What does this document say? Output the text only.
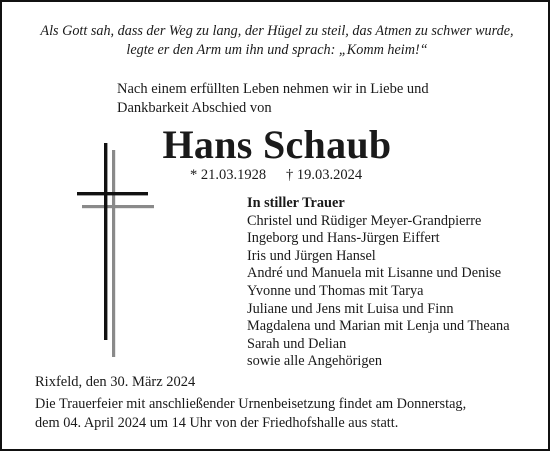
Als Gott sah, dass der Weg zu lang, der Hügel zu steil, das Atmen zu schwer wurde,
legte er den Arm um ihn und sprach: „Komm heim!“
Nach einem erfüllten Leben nehmen wir in Liebe und
Dankbarkeit Abschied von
Hans Schaub
* 21.03.1928 † 19.03.2024
In stiller Trauer
Christel und Rüdiger Meyer-Grandpierre
Ingeborg und Hans-Jürgen Eiffert
Iris und Jürgen Hansel
André und Manuela mit Lisanne und Denise
Yvonne und Thomas mit Tarya
Juliane und Jens mit Luisa und Finn
Magdalena und Marian mit Lenja und Theana
Sarah und Delian
sowie alle Angehörigen
Rixfeld, den 30. März 2024
Die Trauerfeier mit anschließender Urnenbeisetzung findet am Donnerstag,
dem 04. April 2024 um 14 Uhr von der Friedhofshalle aus statt.
